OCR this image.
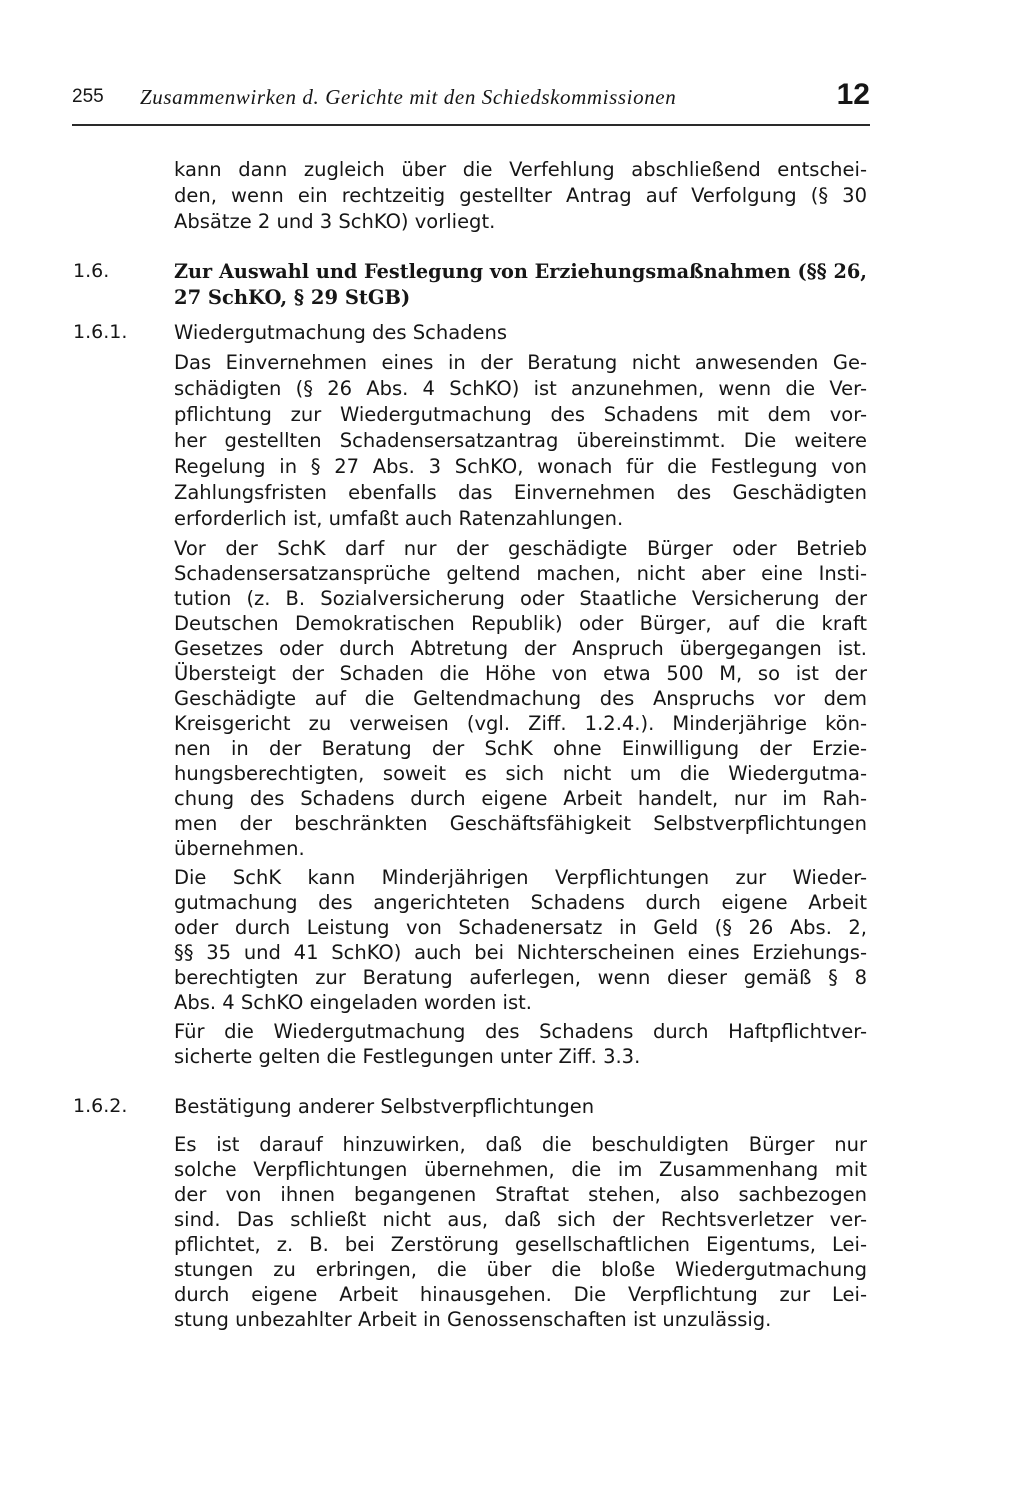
255 Zusammenwirken d. Gerichte mit den Schiedskommissionen	12
kann dann zugleich über die Verfehlung abschließend entschei-
den, wenn ein rechtzeitig gestellter Antrag auf Verfolgung (§ 30
Absätze 2 und 3 SchKO) vorliegt.
1.6.	Zur Auswahl und Festlegung von Erziehungsmaßnahmen (§§ 26,
27 SchKO, § 29 StGB)
1.6.1. Wiedergutmachung des Schadens
Das Einvernehmen eines in der Beratung nicht anwesenden Ge-
schädigten (§ 26 Abs. 4 SchKO) ist anzunehmen, wenn die Ver-
pflichtung zur Wiedergutmachung des Schadens mit dem vor-
her gestellten Schadensersatzantrag übereinstimmt. Die weitere
Regelung in § 27 Abs. 3 SchKO, wonach für die Festlegung von
Zahlungsfristen ebenfalls das Einvernehmen des Geschädigten
erforderlich ist, umfaßt auch Ratenzahlungen.
Vor der SchK darf nur der geschädigte Bürger oder Betrieb
Schadensersatzansprüche geltend machen, nicht aber eine Insti-
tution (z. B. Sozialversicherung oder Staatliche Versicherung der
Deutschen Demokratischen Republik) oder Bürger, auf die kraft
Gesetzes oder durch Abtretung der Anspruch übergegangen ist.
Übersteigt der Schaden die Höhe von etwa 500 M, so ist der
Geschädigte auf die Geltendmachung des Anspruchs vor dem
Kreisgericht zu verweisen (vgl. Ziff. 1.2.4.). Minderjährige kön-
nen in der Beratung der SchK ohne Einwilligung der Erzie-
hungsberechtigten, soweit es sich nicht um die Wiedergutma-
chung des Schadens durch eigene Arbeit handelt, nur im Rah-
men der beschränkten Geschäftsfähigkeit Selbstverpflichtungen
übernehmen.
Die SchK kann Minderjährigen Verpflichtungen zur Wieder-
gutmachung des angerichteten Schadens durch eigene Arbeit
oder durch Leistung von Schadenersatz in Geld (§ 26 Abs. 2,
§§ 35 und 41 SchKO) auch bei Nichterscheinen eines Erziehungs-
berechtigten zur Beratung auferlegen, wenn dieser gemäß § 8
Abs. 4 SchKO eingeladen worden ist.
Für die Wiedergutmachung des Schadens durch Haftpflichtver-
sicherte gelten die Festlegungen unter Ziff. 3.3.
1.6.2. Bestätigung anderer Selbstverpflichtungen
Es ist darauf hinzuwirken, daß die beschuldigten Bürger nur
solche Verpflichtungen übernehmen, die im Zusammenhang mit
der von ihnen begangenen Straftat stehen, also sachbezogen
sind. Das schließt nicht aus, daß sich der Rechtsverletzer ver-
pflichtet, z. B. bei Zerstörung gesellschaftlichen Eigentums, Lei-
stungen zu erbringen, die über die bloße Wiedergutmachung
durch eigene Arbeit hinausgehen. Die Verpflichtung zur Lei-
stung unbezahlter Arbeit in Genossenschaften ist unzulässig.
